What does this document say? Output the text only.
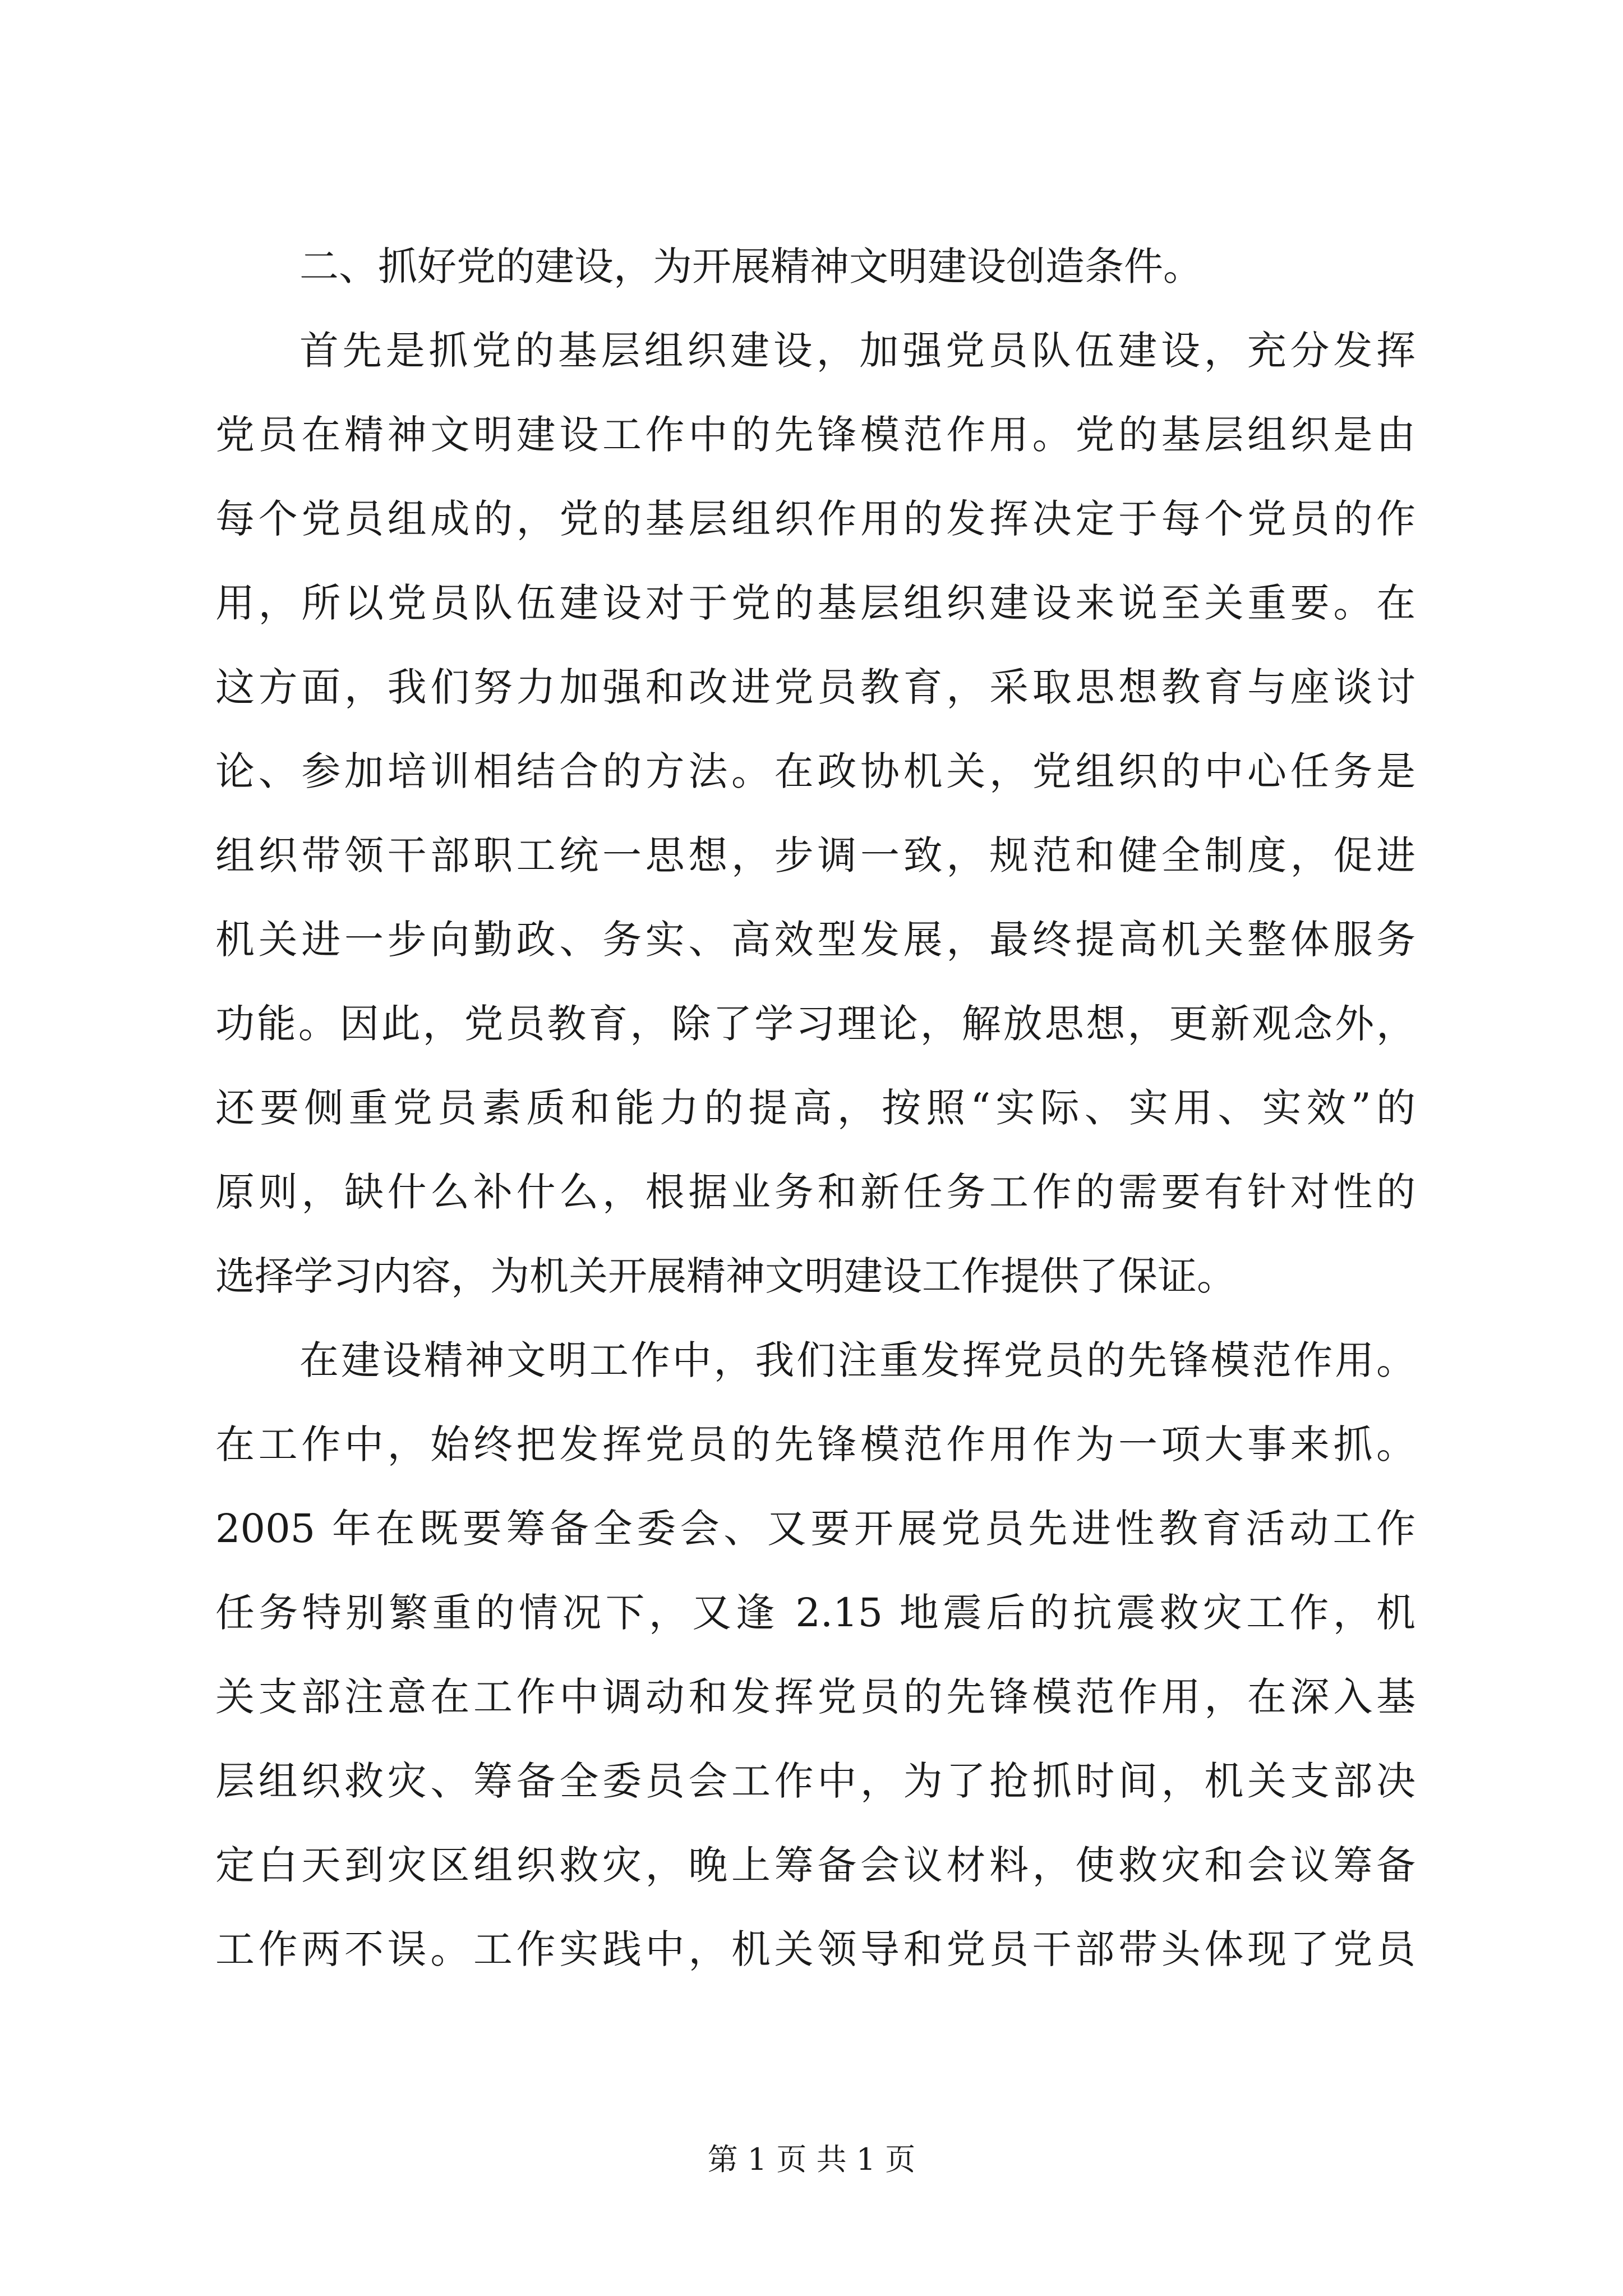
二、抓好党的建设，为开展精神文明建设创造条件。
首先是抓党的基层组织建设，加强党员队伍建设，充分发挥
党员在精神文明建设工作中的先锋模范作用。党的基层组织是由
每个党员组成的，党的基层组织作用的发挥决定于每个党员的作
用，所以党员队伍建设对于党的基层组织建设来说至关重要。在
这方面，我们努力加强和改进党员教育，采取思想教育与座谈讨
论、参加培训相结合的方法。在政协机关，党组织的中心任务是
组织带领干部职工统一思想，步调一致，规范和健全制度，促进
机关进一步向勤政、务实、高效型发展，最终提高机关整体服务
功能。因此，党员教育，除了学习理论，解放思想，更新观念外，
还要侧重党员素质和能力的提高，按照“实际、实用、实效”的
原则，缺什么补什么，根据业务和新任务工作的需要有针对性的
选择学习内容，为机关开展精神文明建设工作提供了保证。
在建设精神文明工作中，我们注重发挥党员的先锋模范作用。
在工作中，始终把发挥党员的先锋模范作用作为一项大事来抓。
2005 年在既要筹备全委会、又要开展党员先进性教育活动工作
任务特别繁重的情况下，又逢 2.15 地震后的抗震救灾工作，机
关支部注意在工作中调动和发挥党员的先锋模范作用，在深入基
层组织救灾、筹备全委员会工作中，为了抢抓时间，机关支部决
定白天到灾区组织救灾，晚上筹备会议材料，使救灾和会议筹备
工作两不误。工作实践中，机关领导和党员干部带头体现了党员
第 1 页 共 1 页
